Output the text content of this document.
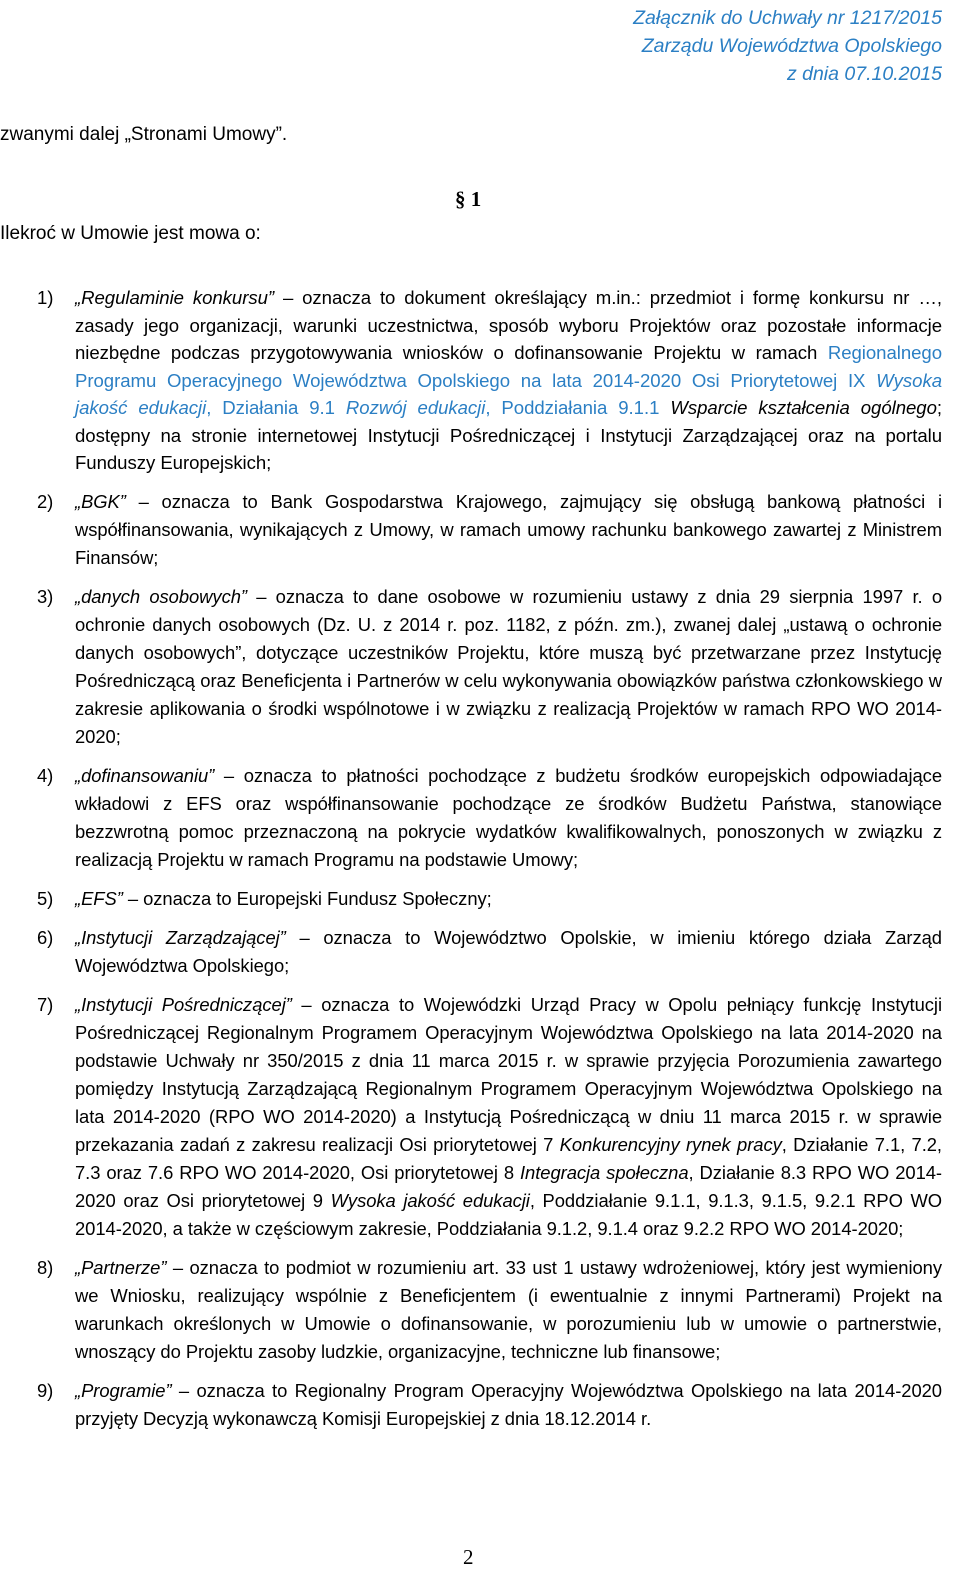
Załącznik do Uchwały nr 1217/2015
Zarządu Województwa Opolskiego
z dnia 07.10.2015
zwanymi dalej „Stronami Umowy”.
§ 1
Ilekroć w Umowie jest mowa o:
1) „Regulaminie konkursu” – oznacza to dokument określający m.in.: przedmiot i formę konkursu nr …, zasady jego organizacji, warunki uczestnictwa, sposób wyboru Projektów oraz pozostałe informacje niezbędne podczas przygotowywania wniosków o dofinansowanie Projektu w ramach Regionalnego Programu Operacyjnego Województwa Opolskiego na lata 2014-2020 Osi Priorytetowej IX Wysoka jakość edukacji, Działania 9.1 Rozwój edukacji, Poddziałania 9.1.1 Wsparcie kształcenia ogólnego; dostępny na stronie internetowej Instytucji Pośredniczącej i Instytucji Zarządzającej oraz na portalu Funduszy Europejskich;
2) „BGK” – oznacza to Bank Gospodarstwa Krajowego, zajmujący się obsługą bankową płatności i współfinansowania, wynikających z Umowy, w ramach umowy rachunku bankowego zawartej z Ministrem Finansów;
3) „danych osobowych” – oznacza to dane osobowe w rozumieniu ustawy z dnia 29 sierpnia 1997 r. o ochronie danych osobowych (Dz. U. z 2014 r. poz. 1182, z późn. zm.), zwanej dalej „ustawą o ochronie danych osobowych”, dotyczące uczestników Projektu, które muszą być przetwarzane przez Instytucję Pośredniczącą oraz Beneficjenta i Partnerów w celu wykonywania obowiązków państwa członkowskiego w zakresie aplikowania o środki wspólnotowe i w związku z realizacją Projektów w ramach RPO WO 2014-2020;
4) „dofinansowaniu” – oznacza to płatności pochodzące z budżetu środków europejskich odpowiadające wkładowi z EFS oraz współfinansowanie pochodzące ze środków Budżetu Państwa, stanowiące bezzwrotną pomoc przeznaczoną na pokrycie wydatków kwalifikowalnych, ponoszonych w związku z realizacją Projektu w ramach Programu na podstawie Umowy;
5) „EFS” – oznacza to Europejski Fundusz Społeczny;
6) „Instytucji Zarządzającej” – oznacza to Województwo Opolskie, w imieniu którego działa Zarząd Województwa Opolskiego;
7) „Instytucji Pośredniczącej” – oznacza to Wojewódzki Urząd Pracy w Opolu pełniący funkcję Instytucji Pośredniczącej Regionalnym Programem Operacyjnym Województwa Opolskiego na lata 2014-2020 na podstawie Uchwały nr 350/2015 z dnia 11 marca 2015 r. w sprawie przyjęcia Porozumienia zawartego pomiędzy Instytucją Zarządzającą Regionalnym Programem Operacyjnym Województwa Opolskiego na lata 2014-2020 (RPO WO 2014-2020) a Instytucją Pośredniczącą w dniu 11 marca 2015 r. w sprawie przekazania zadań z zakresu realizacji Osi priorytetowej 7 Konkurencyjny rynek pracy, Działanie 7.1, 7.2, 7.3 oraz 7.6 RPO WO 2014-2020, Osi priorytetowej 8 Integracja społeczna, Działanie 8.3 RPO WO 2014-2020 oraz Osi priorytetowej 9 Wysoka jakość edukacji, Poddziałanie 9.1.1, 9.1.3, 9.1.5, 9.2.1 RPO WO 2014-2020, a także w częściowym zakresie, Poddziałania 9.1.2, 9.1.4 oraz 9.2.2 RPO WO 2014-2020;
8) „Partnerze” – oznacza to podmiot w rozumieniu art. 33 ust 1 ustawy wdrożeniowej, który jest wymieniony we Wniosku, realizujący wspólnie z Beneficjentem (i ewentualnie z innymi Partnerami) Projekt na warunkach określonych w Umowie o dofinansowanie, w porozumieniu lub w umowie o partnerstwie, wnoszący do Projektu zasoby ludzkie, organizacyjne, techniczne lub finansowe;
9) „Programie” – oznacza to Regionalny Program Operacyjny Województwa Opolskiego na lata 2014-2020 przyjęty Decyzją wykonawczą Komisji Europejskiej z dnia 18.12.2014 r.
2
